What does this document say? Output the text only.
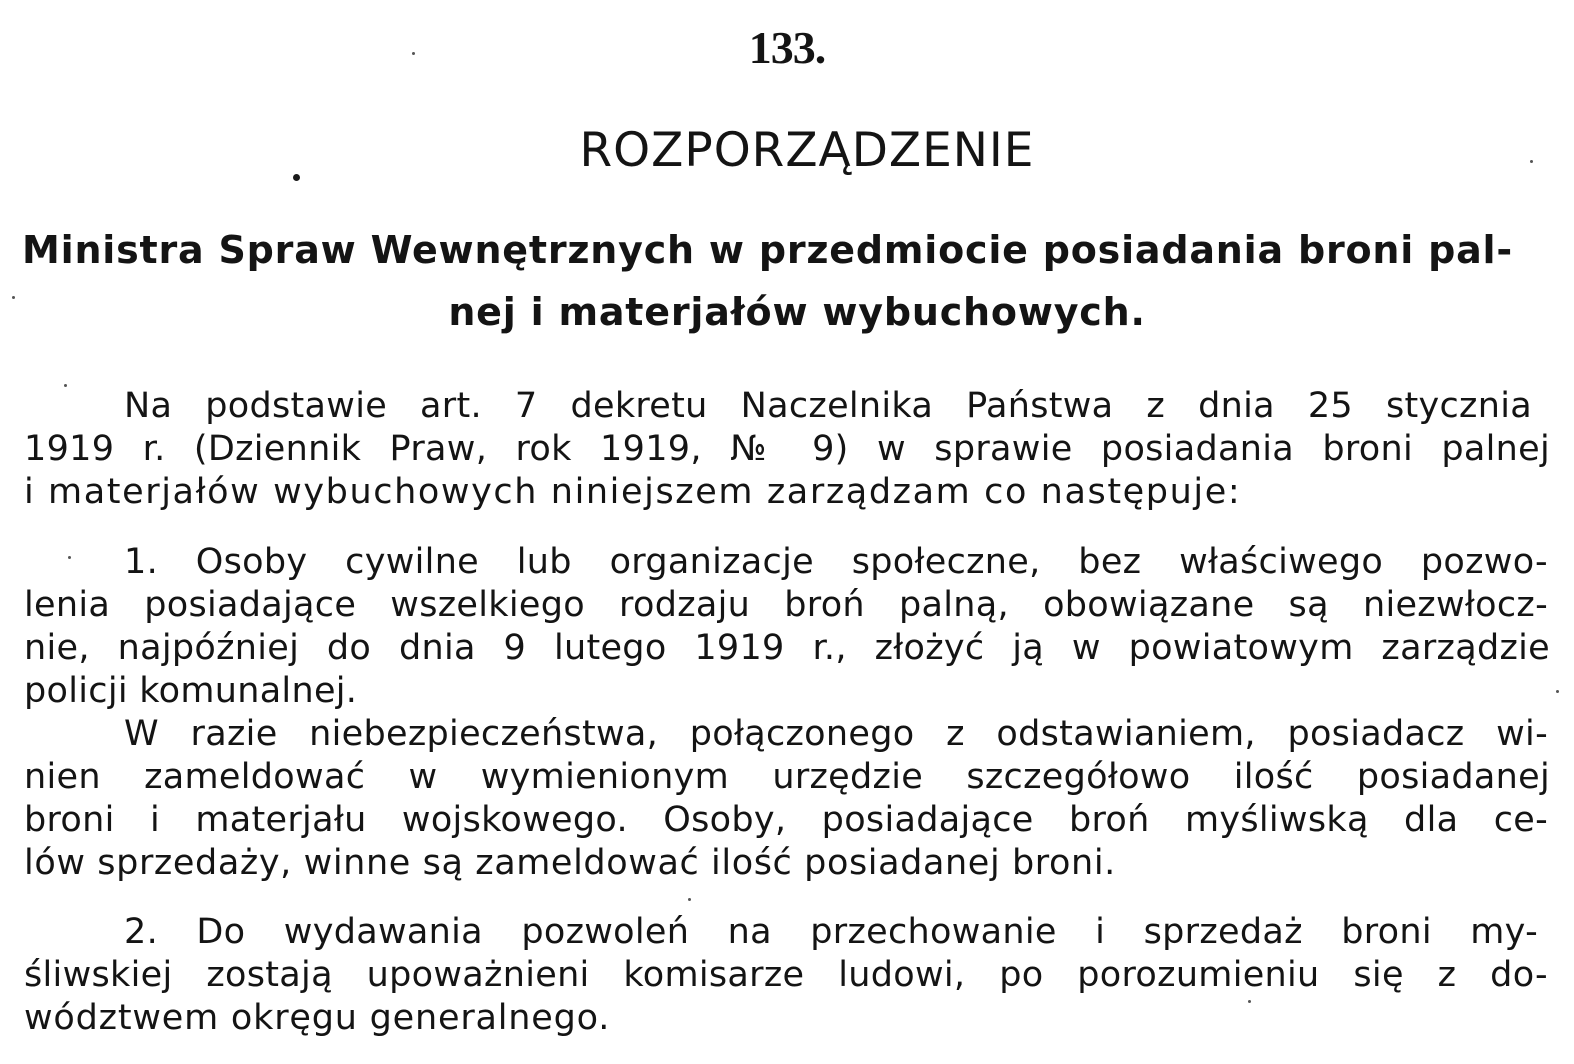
133.
ROZPORZĄDZENIE
Ministra Spraw Wewnętrznych w przedmiocie posiadania broni pal-
nej i materjałów wybuchowych.
Na podstawie art. 7 dekretu Naczelnika Państwa z dnia 25 stycznia
1919 r. (Dziennik Praw, rok 1919, № 9) w sprawie posiadania broni palnej
i materjałów wybuchowych niniejszem zarządzam co następuje:
1. Osoby cywilne lub organizacje społeczne, bez właściwego pozwo-
lenia posiadające wszelkiego rodzaju broń palną, obowiązane są niezwłocz-
nie, najpóźniej do dnia 9 lutego 1919 r., złożyć ją w powiatowym zarządzie
policji komunalnej.
W razie niebezpieczeństwa, połączonego z odstawianiem, posiadacz wi-
nien zameldować w wymienionym urzędzie szczegółowo ilość posiadanej
broni i materjału wojskowego. Osoby, posiadające broń myśliwską dla ce-
lów sprzedaży, winne są zameldować ilość posiadanej broni.
2. Do wydawania pozwoleń na przechowanie i sprzedaż broni my-
śliwskiej zostają upoważnieni komisarze ludowi, po porozumieniu się z do-
wództwem okręgu generalnego.
